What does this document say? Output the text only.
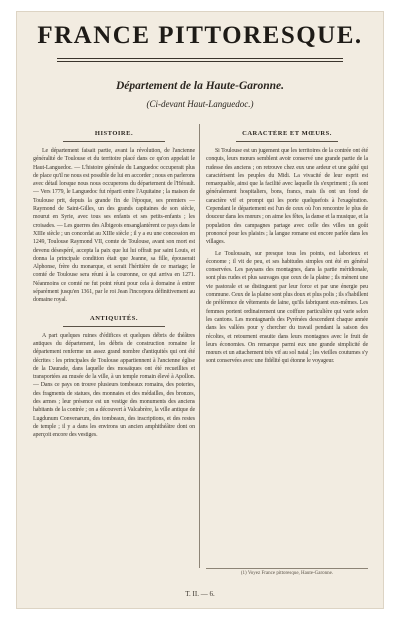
FRANCE PITTORESQUE.
Département de la Haute-Garonne.
(Ci-devant Haut-Languedoc.)
HISTOIRE.

Le département faisait partie, avant la révolution, de l'ancienne généralité de Toulouse et du territoire placé dans ce qu'on appelait le Haut-Languedoc. — L'histoire générale du Languedoc occuperait plus de place qu'il ne nous est possible de lui en accorder ; nous en parlerons avec détail lorsque nous nous occuperons du département de l'Hérault. — Vers 1779, le Languedoc fut réparti entre l'Aquitaine ; la maison de Toulouse prit, depuis la grande fin de l'époque, ses premiers — Raymond de Saint-Gilles, un des grands capitaines de son siècle, mourut en Syrie, avec tous ses enfants et ses petits-enfants ; les croisades. — Les guerres des Albigeois ensanglantèrent ce pays dans le XIIIe siècle ; un concordat au XIIIe siècle ; il y a eu une concession en 1249, Toulouse Raymond VII, comte de Toulouse, avant son mort est devenu désespéré, accepta la paix que lui lui offrait par saint Louis, et donna la principale condition était que Jeanne, sa fille, épouserait Alphonse, frère du monarque, et serait l'héritière de ce mariage; le comté de Toulouse sera réuni à la couronne, ce qui arriva en 1271. Néanmoins ce comté ne fut point réuni pour cela à domaine à entrer séparément jusqu'en 1361, par le roi Jean l'incorpora définitivement au domaine royal.

ANTIQUITÉS.

A part quelques ruines d'édifices et quelques débris de théâtres antiques du département, les débris de construction romaine le département renferme un assez grand nombre d'antiquités qui ont été décrites : les principales de Toulouse appartiennent à l'ancienne église de la Daurade, dans laquelle des mosaïques ont été recueillies et transportées au musée de la ville, à un temple romain élevé à Apollon. — Dans ce pays on trouve plusieurs tombeaux romains, des poteries, des fragments de statues, des monnaies et des médailles, des bronzes, des armes ; leur présence est un vestige des monuments des anciens habitants de la contrée ; on a découvert à Valcabrère, la ville antique de Lugdunum Convenarum, des tombeaux, des inscriptions, et des restes de temple ; il y a dans les environs un ancien amphithéâtre dont on aperçoit encore des vestiges.

CARACTÈRE ET MŒURS.

Si Toulouse est un jugement que les territoires de la contrée ont été conquis, leurs mœurs semblent avoir conservé une grande partie de la rudesse des anciens ; on retrouve chez eux une ardeur et une gaîté qui caractérisent les peuples du Midi. La vivacité de leur esprit est remarquable, ainsi que la facilité avec laquelle ils s'expriment ; ils sont généralement hospitaliers, bons, francs, mais ils ont un fond de caractère vif et prompt qui les porte quelquefois à l'exagération. Cependant le département est l'un de ceux où l'on rencontre le plus de douceur dans les mœurs ; on aime les fêtes, la danse et la musique, et la population des campagnes partage avec celle des villes un goût prononcé pour les plaisirs ; la langue romane est encore parlée dans les villages.

Le Toulousain, sur presque tous les points, est laborieux et économe ; il vit de peu, et ses habitudes simples ont été en général conservées. Les paysans des montagnes, dans la partie méridionale, sont plus rudes et plus sauvages que ceux de la plaine ; ils mènent une vie pastorale et se distinguent par leur force et par une énergie peu commune. Ceux de la plaine sont plus doux et plus polis ; ils s'habillent de préférence de vêtements de laine, qu'ils fabriquent eux-mêmes. Les femmes portent ordinairement une coiffure particulière qui varie selon les cantons. Les montagnards des Pyrénées descendent chaque année dans les vallées pour y chercher du travail pendant la saison des récoltes, et retournent ensuite dans leurs montagnes avec le fruit de leurs économies. On remarque parmi eux une grande simplicité de mœurs et un attachement très vif au sol natal ; les vieilles coutumes s'y sont conservées avec une fidélité qui étonne le voyageur.

(1) Voyez France pittoresque, Haute-Garonne.
T. II. — 6.
